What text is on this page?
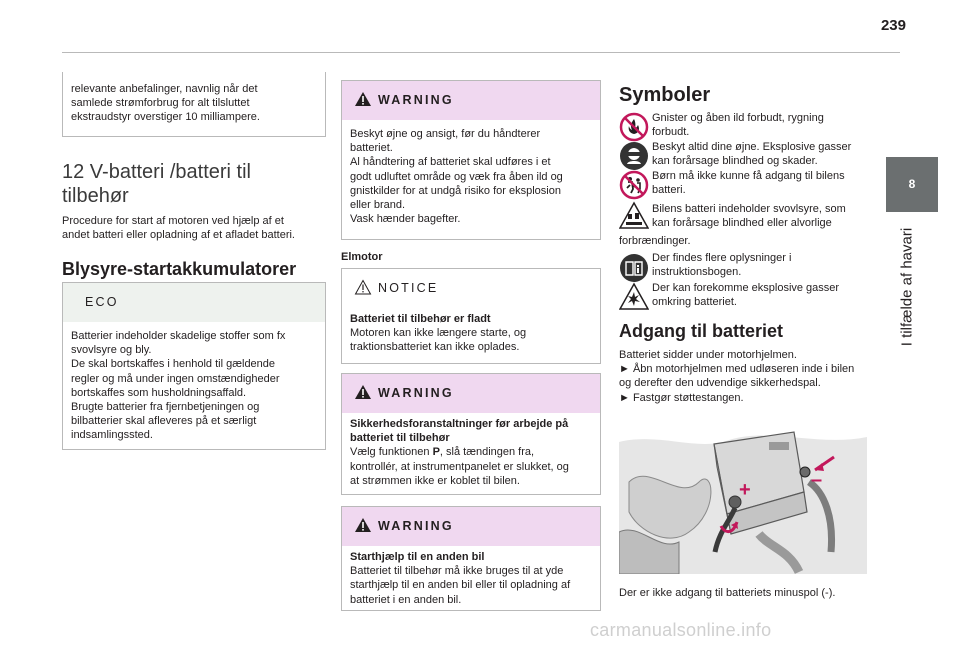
239
8
I tilfælde af havari
relevante anbefalinger, navnlig når det
samlede strømforbrug for alt tilsluttet
ekstraudstyr overstiger 10 milliampere.
12 V-batteri /batteri til
tilbehør
Procedure for start af motoren ved hjælp af et
andet batteri eller opladning af et afladet batteri.
Blysyre-startakkumulatorer
ECO
Batterier indeholder skadelige stoffer som fx
svovlsyre og bly.
De skal bortskaffes i henhold til gældende
regler og må under ingen omstændigheder
bortskaffes som husholdningsaffald.
Brugte batterier fra fjernbetjeningen og
bilbatterier skal afleveres på et særligt
indsamlingssted.
WARNING
Beskyt øjne og ansigt, før du håndterer
batteriet.
Al håndtering af batteriet skal udføres i et
godt udluftet område og væk fra åben ild og
gnistkilder for at undgå risiko for eksplosion
eller brand.
Vask hænder bagefter.
Elmotor
NOTICE
Batteriet til tilbehør er fladt
Motoren kan ikke længere starte, og
traktionsbatteriet kan ikke oplades.
WARNING
Sikkerhedsforanstaltninger før arbejde på
batteriet til tilbehør
Vælg funktionen P, slå tændingen fra,
kontrollér, at instrumentpanelet er slukket, og
at strømmen ikke er koblet til bilen.
WARNING
Starthjælp til en anden bil
Batteriet til tilbehør må ikke bruges til at yde
starthjælp til en anden bil eller til opladning af
batteriet i en anden bil.
Symboler
Gnister og åben ild forbudt, rygning
forbudt.
Beskyt altid dine øjne. Eksplosive gasser
kan forårsage blindhed og skader.
Børn må ikke kunne få adgang til bilens
batteri.
Bilens batteri indeholder svovlsyre, som
kan forårsage blindhed eller alvorlige
forbrændinger.
Der findes flere oplysninger i
instruktionsbogen.
Der kan forekomme eksplosive gasser
omkring batteriet.
Adgang til batteriet
Batteriet sidder under motorhjelmen.
► Åbn motorhjelmen med udløseren inde i bilen
og derefter den udvendige sikkerhedspal.
► Fastgør støttestangen.
+	–
Der er ikke adgang til batteriets minuspol (-).
carmanualsonline.info
